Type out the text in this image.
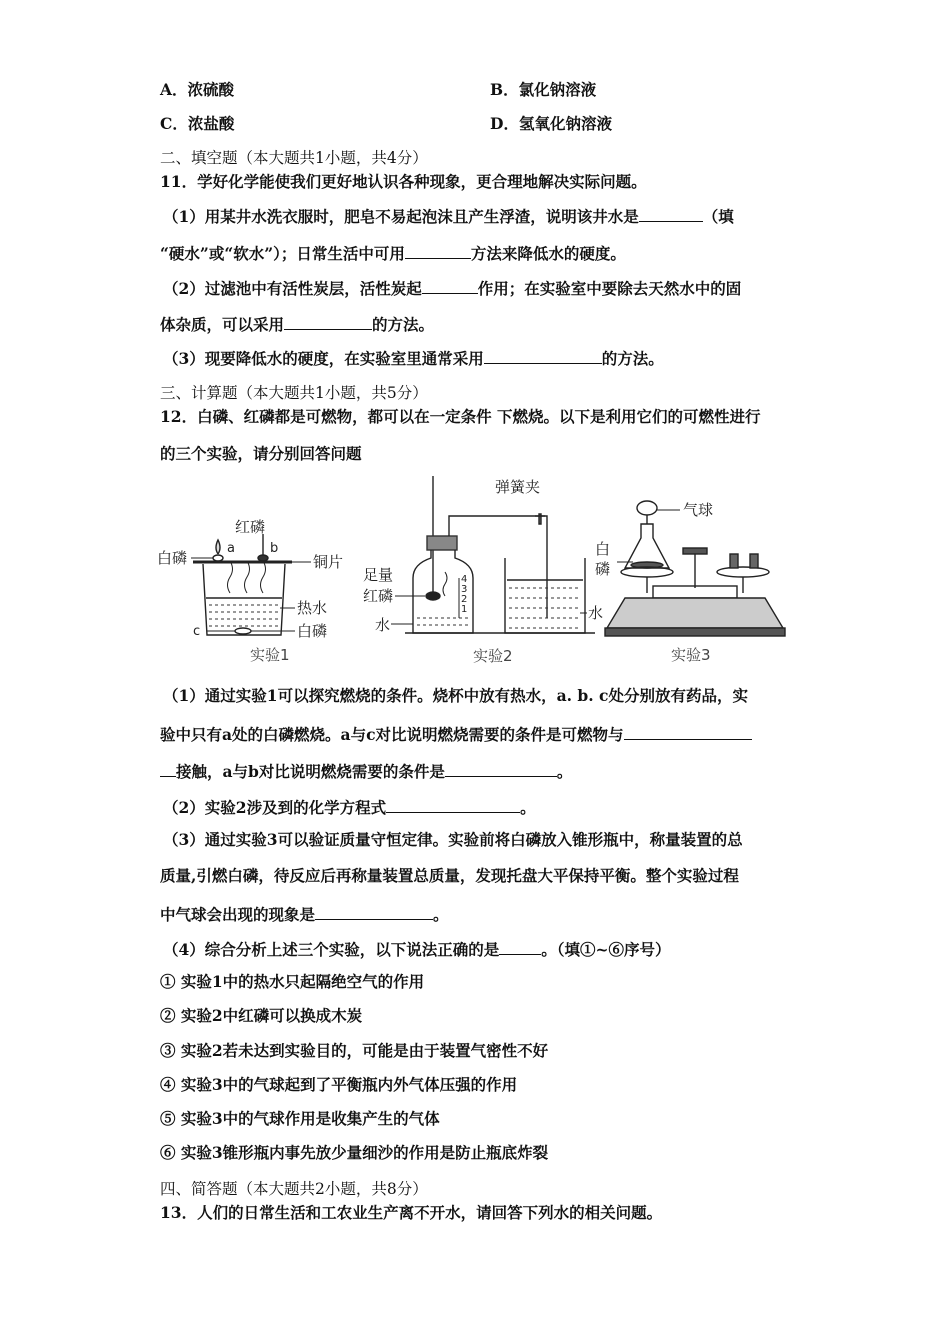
A．浓硫酸	B．氯化钠溶液
C．浓盐酸	D．氢氧化钠溶液
二、填空题（本大题共1小题，共4分）
11．学好化学能使我们更好地认识各种现象，更合理地解决实际问题。
（1）用某井水洗衣服时，肥皂不易起泡沫且产生浮渣，说明该井水是	（填
“硬水”或“软水”）；日常生活中可用	方法来降低水的硬度。
（2）过滤池中有活性炭层，活性炭起	作用；在实验室中要除去天然水中的固
体杂质，可以采用	的方法。
（3）现要降低水的硬度，在实验室里通常采用	的方法。
三、计算题（本大题共1小题，共5分）
12．白磷、红磷都是可燃物，都可以在一定条件 下燃烧。以下是利用它们的可燃性进行
的三个实验，请分别回答问题
红磷
白磷
a	b
c
铜片
热水
白磷
实验1
弹簧夹
足量
红磷
水
水
4
3
2
1
实验2
气球
白
磷
实验3
（1）通过实验1可以探究燃烧的条件。烧杯中放有热水，a. b. c处分别放有药品，实
验中只有a处的白磷燃烧。a与c对比说明燃烧需要的条件是可燃物与
接触，a与b对比说明燃烧需要的条件是	。
（2）实验2涉及到的化学方程式	。
（3）通过实验3可以验证质量守恒定律。实验前将白磷放入锥形瓶中，称量装置的总
质量,引燃白磷，待反应后再称量装置总质量，发现托盘大平保持平衡。整个实验过程
中气球会出现的现象是	。
（4）综合分析上述三个实验，以下说法正确的是	。（填①~⑥序号）
① 实验1中的热水只起隔绝空气的作用
② 实验2中红磷可以换成木炭
③ 实验2若未达到实验目的，可能是由于装置气密性不好
④ 实验3中的气球起到了平衡瓶内外气体压强的作用
⑤ 实验3中的气球作用是收集产生的气体
⑥ 实验3锥形瓶内事先放少量细沙的作用是防止瓶底炸裂
四、简答题（本大题共2小题，共8分）
13．人们的日常生活和工农业生产离不开水，请回答下列水的相关问题。
